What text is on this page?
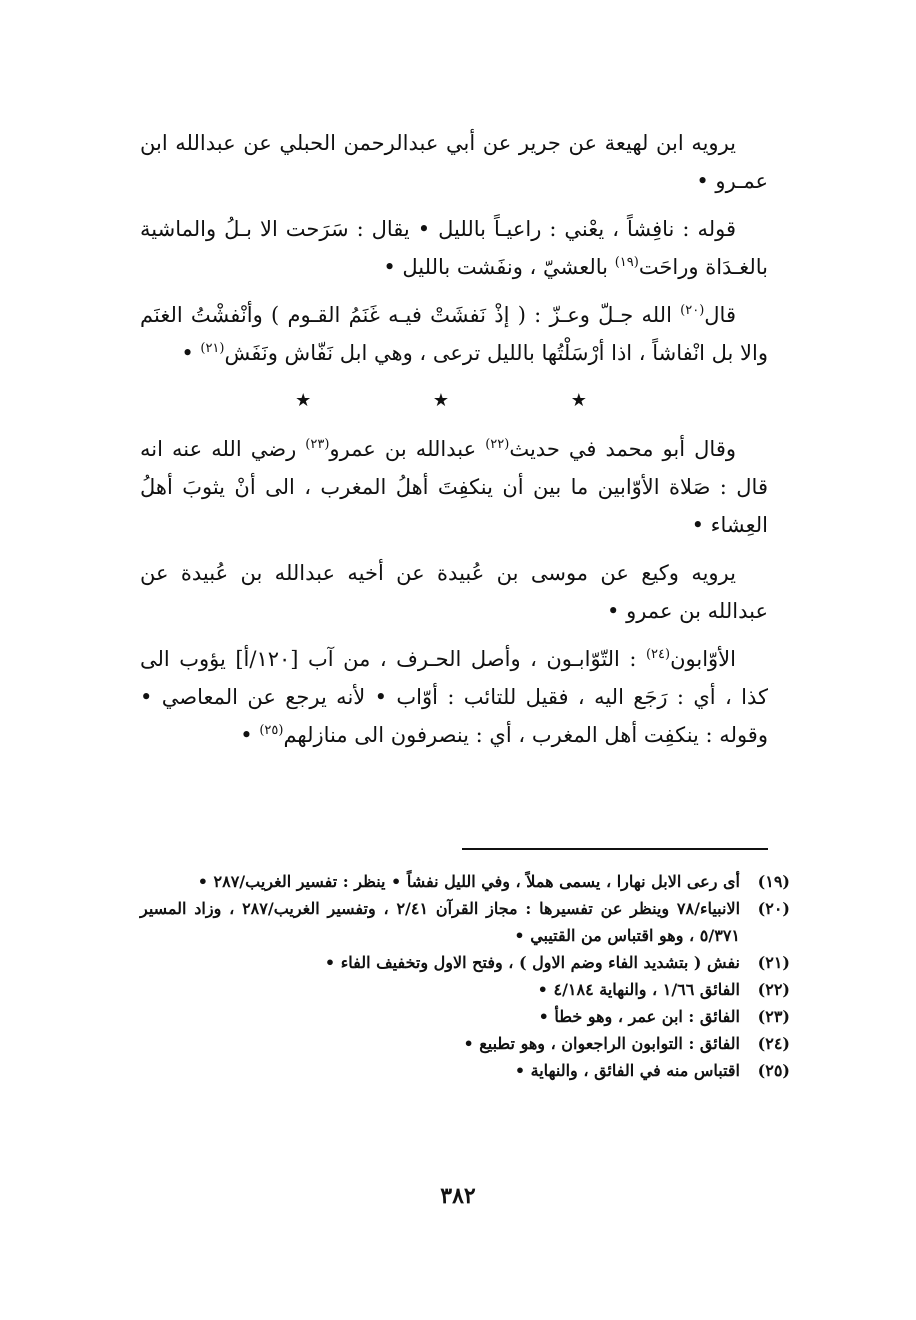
يرويه ابن لهيعة عن جرير عن أبي عبدالرحمن الحبلي عن عبدالله ابن عمـرو •

قوله : نافِشاً ، يعْني : راعيـاً بالليل • يقال : سَرَحت الا بـلُ والماشية بالغـدَاة وراحَت$^{(١٩)}$ بالعشيّ ، ونفَشت بالليل •

قال$^{(٢٠)}$ الله جـلّ وعـزّ : ( إذْ نَفشَتْ فيـه غَنَمُ القـوم ) وأنْفشْتُ الغنَم والا بل انْفاشاً ، اذا أرْسَلْتُها بالليل ترعى ، وهي ابل نَفّاش ونَفَش$^{(٢١)}$ •

★ ★ ★

وقال أبو محمد في حديث$^{(٢٢)}$ عبدالله بن عمرو$^{(٢٣)}$ رضي الله عنه انه قال : صَلاة الأوّابين ما بين أن ينكفِتَ أهلُ المغرب ، الى أنْ يثوبَ أهلُ العِشاء •

يرويه وكيع عن موسى بن عُبيدة عن أخيه عبدالله بن عُبيدة عن عبدالله بن عمرو •

الأوّابون$^{(٢٤)}$ : التّوّابـون ، وأصل الحـرف ، من آب [١٢٠/أ] يؤوب الى كذا ، أي : رَجَع اليه ، فقيل للتائب : أوّاب • لأنه يرجع عن المعاصي • وقوله : ينكفِت أهل المغرب ، أي : ينصرفون الى منازلهم$^{(٢٥)}$ •

(١٩)
أى رعى الابل نهارا ، يسمى هملاً ، وفي الليل نفشاً • ينظر : تفسير الغريب/٢٨٧ •
(٢٠)
الانبياء/٧٨ وينظر عن تفسيرها : مجاز القرآن ٢/٤١ ، وتفسير الغريب/٢٨٧ ، وزاد المسير ٥/٣٧١ ، وهو اقتباس من القتيبي •
(٢١)
نفش ( بتشديد الفاء وضم الاول ) ، وفتح الاول وتخفيف الفاء •
(٢٢)
الفائق ١/٦٦ ، والنهاية ٤/١٨٤ •
(٢٣)
الفائق : ابن عمر ، وهو خطأ •
(٢٤)
الفائق : التوابون الراجعوان ، وهو تطبيع •
(٢٥)
اقتباس منه في الفائق ، والنهاية •
٣٨٢
